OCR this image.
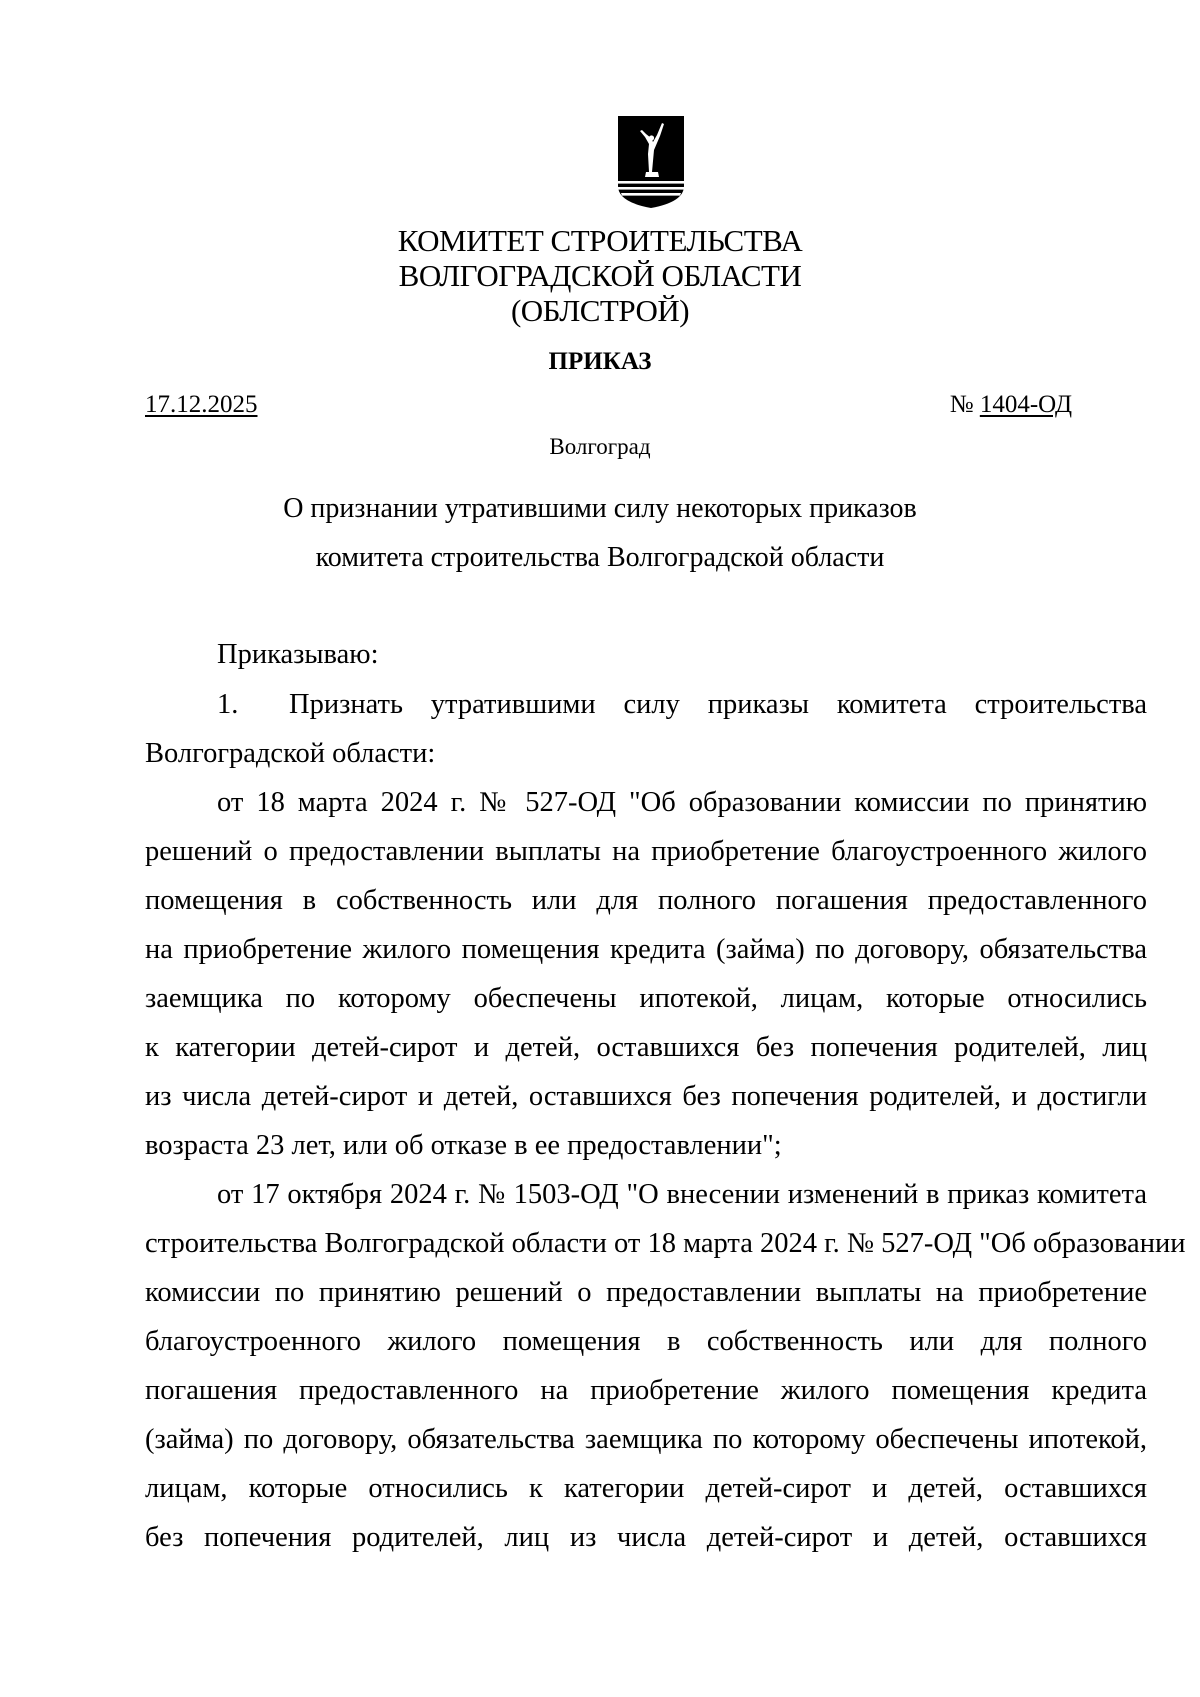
КОМИТЕТ СТРОИТЕЛЬСТВА
ВОЛГОГРАДСКОЙ ОБЛАСТИ
(ОБЛСТРОЙ)
ПРИКАЗ
17.12.2025	№ 1404-ОД
Волгоград
О признании утратившими силу некоторых приказов
комитета строительства Волгоградской области
Приказываю:
1. Признать утратившими силу приказы комитета строительства
Волгоградской области:
от 18 марта 2024 г. № 527-ОД "Об образовании комиссии по принятию
решений о предоставлении выплаты на приобретение благоустроенного жилого
помещения в собственность или для полного погашения предоставленного
на приобретение жилого помещения кредита (займа) по договору, обязательства
заемщика по которому обеспечены ипотекой, лицам, которые относились
к категории детей-сирот и детей, оставшихся без попечения родителей, лиц
из числа детей-сирот и детей, оставшихся без попечения родителей, и достигли
возраста 23 лет, или об отказе в ее предоставлении";
от 17 октября 2024 г. № 1503-ОД "О внесении изменений в приказ комитета
строительства Волгоградской области от 18 марта 2024 г. № 527-ОД "Об образовании
комиссии по принятию решений о предоставлении выплаты на приобретение
благоустроенного жилого помещения в собственность или для полного
погашения предоставленного на приобретение жилого помещения кредита
(займа) по договору, обязательства заемщика по которому обеспечены ипотекой,
лицам, которые относились к категории детей-сирот и детей, оставшихся
без попечения родителей, лиц из числа детей-сирот и детей, оставшихся
